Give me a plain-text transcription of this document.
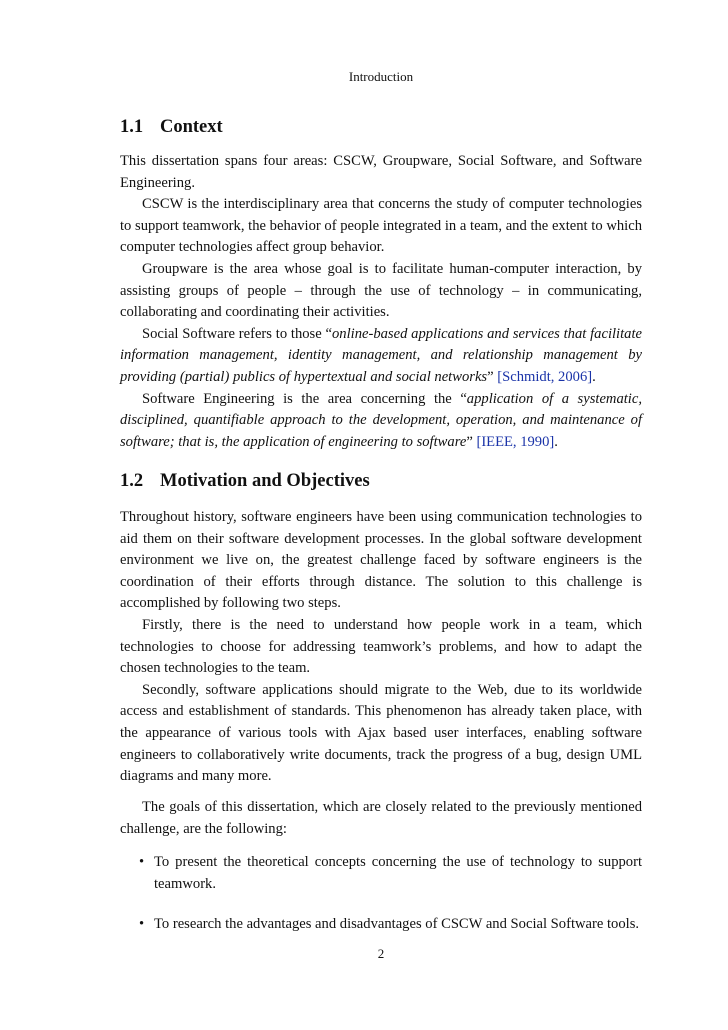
Introduction
1.1 Context

This dissertation spans four areas: CSCW, Groupware, Social Software, and Software Engineering.

CSCW is the interdisciplinary area that concerns the study of computer technologies to support teamwork, the behavior of people integrated in a team, and the extent to which computer technologies affect group behavior.

Groupware is the area whose goal is to facilitate human-computer interaction, by assisting groups of people – through the use of technology – in communicating, collaborating and coordinating their activities.

Social Software refers to those “online-based applications and services that facilitate information management, identity management, and relationship management by providing (partial) publics of hypertextual and social networks” [Schmidt, 2006].

Software Engineering is the area concerning the “application of a systematic, disciplined, quantifiable approach to the development, operation, and maintenance of software; that is, the application of engineering to software” [IEEE, 1990].

1.2 Motivation and Objectives

Throughout history, software engineers have been using communication technologies to aid them on their software development processes. In the global software development environment we live on, the greatest challenge faced by software engineers is the coordination of their efforts through distance. The solution to this challenge is accomplished by following two steps.

Firstly, there is the need to understand how people work in a team, which technologies to choose for addressing teamwork’s problems, and how to adapt the chosen technologies to the team.

Secondly, software applications should migrate to the Web, due to its worldwide access and establishment of standards. This phenomenon has already taken place, with the appearance of various tools with Ajax based user interfaces, enabling software engineers to collaboratively write documents, track the progress of a bug, design UML diagrams and many more.

The goals of this dissertation, which are closely related to the previously mentioned challenge, are the following:

• To present the theoretical concepts concerning the use of technology to support teamwork.
• To research the advantages and disadvantages of CSCW and Social Software tools.
2
